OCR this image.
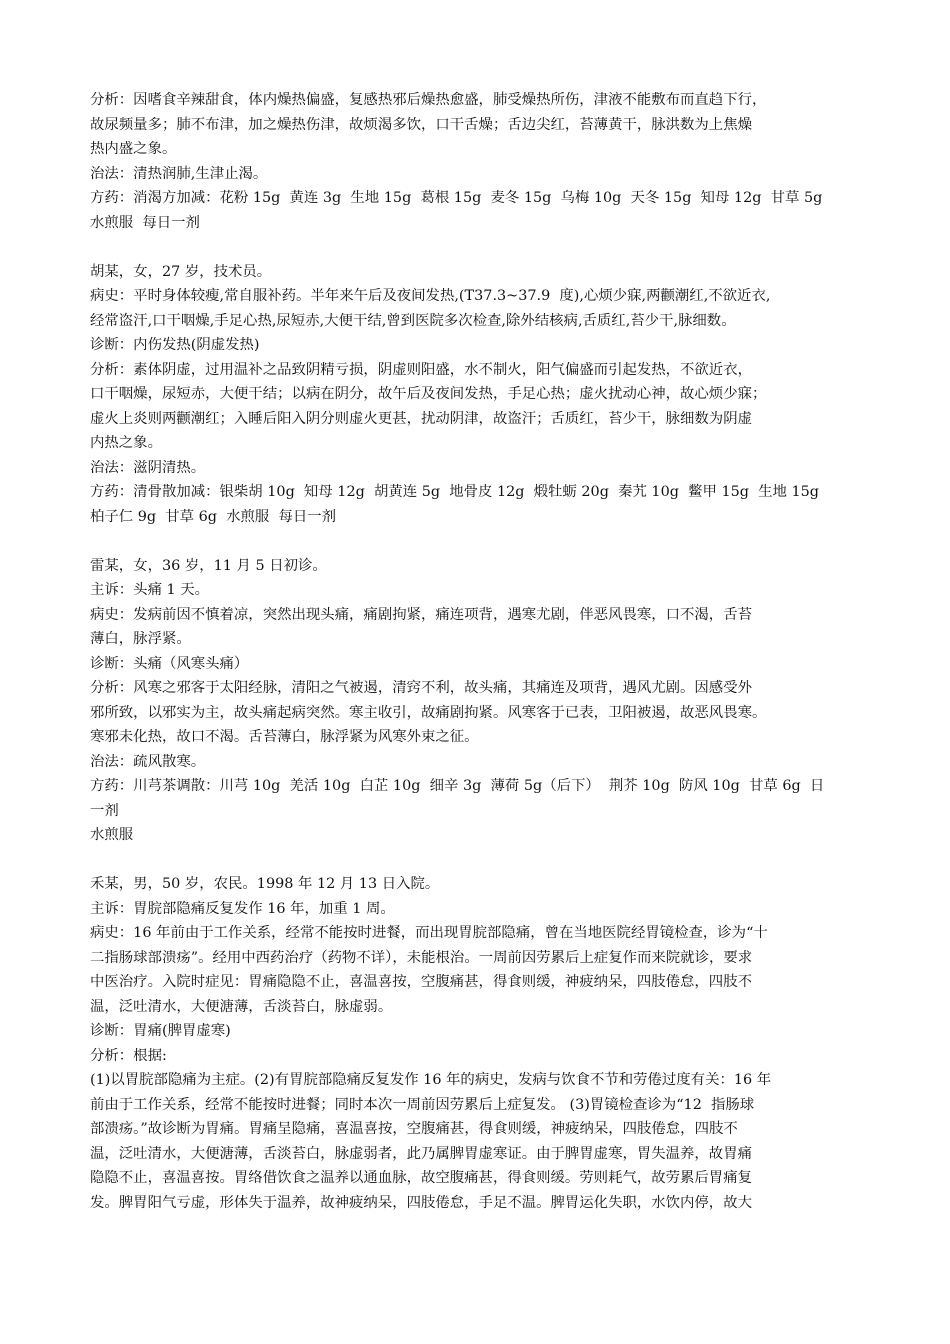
分析：因嗜食辛辣甜食，体内燥热偏盛，复感热邪后燥热愈盛，肺受燥热所伤，津液不能敷布而直趋下行，
故尿频量多；肺不布津，加之燥热伤津，故烦渴多饮，口干舌燥；舌边尖红，苔薄黄干，脉洪数为上焦燥
热内盛之象。
治法：清热润肺,生津止渴。
方药：消渴方加减：花粉 15g  黄连 3g  生地 15g  葛根 15g  麦冬 15g  乌梅 10g  天冬 15g  知母 12g  甘草 5g
水煎服  每日一剂
胡某，女，27 岁，技术员。
病史：平时身体较瘦,常自服补药。半年来午后及夜间发热,(T37.3~37.9  度),心烦少寐,两颧潮红,不欲近衣,
经常盗汗,口干咽燥,手足心热,尿短赤,大便干结,曾到医院多次检查,除外结核病,舌质红,苔少干,脉细数。
诊断：内伤发热(阴虚发热)
分析：素体阴虚，过用温补之品致阴精亏损，阴虚则阳盛，水不制火，阳气偏盛而引起发热，不欲近衣，
口干咽燥，尿短赤，大便干结；以病在阴分，故午后及夜间发热，手足心热；虚火扰动心神，故心烦少寐；
虚火上炎则两颧潮红；入睡后阳入阴分则虚火更甚，扰动阴津，故盗汗；舌质红，苔少干，脉细数为阴虚
内热之象。
治法：滋阴清热。
方药：清骨散加减：银柴胡 10g  知母 12g  胡黄连 5g  地骨皮 12g  煅牡蛎 20g  秦艽 10g  鳖甲 15g  生地 15g
柏子仁 9g  甘草 6g  水煎服  每日一剂
雷某，女，36 岁，11 月 5 日初诊。
主诉：头痛 1 天。
病史：发病前因不慎着凉，突然出现头痛，痛剧拘紧，痛连项背，遇寒尤剧，伴恶风畏寒，口不渴，舌苔
薄白，脉浮紧。
诊断：头痛（风寒头痛）
分析：风寒之邪客于太阳经脉，清阳之气被遏，清窍不利，故头痛，其痛连及项背，遇风尤剧。因感受外
邪所致，以邪实为主，故头痛起病突然。寒主收引，故痛剧拘紧。风寒客于已表，卫阳被遏，故恶风畏寒。
寒邪未化热，故口不渴。舌苔薄白，脉浮紧为风寒外束之征。
治法：疏风散寒。
方药：川芎茶调散：川芎 10g  羌活 10g  白芷 10g  细辛 3g  薄荷 5g（后下）  荆芥 10g  防风 10g  甘草 6g  日
一剂
水煎服
禾某，男，50 岁，农民。1998 年 12 月 13 日入院。
主诉：胃脘部隐痛反复发作 16 年，加重 1 周。
病史：16 年前由于工作关系，经常不能按时进餐，而出现胃脘部隐痛，曾在当地医院经胃镜检查，诊为“十
二指肠球部溃疡”。经用中西药治疗（药物不详），未能根治。一周前因劳累后上症复作而来院就诊，要求
中医治疗。入院时症见：胃痛隐隐不止，喜温喜按，空腹痛甚，得食则缓，神疲纳呆，四肢倦怠，四肢不
温，泛吐清水，大便溏薄，舌淡苔白，脉虚弱。
诊断：胃痛(脾胃虚寒)
分析：根据:
(1)以胃脘部隐痛为主症。(2)有胃脘部隐痛反复发作 16 年的病史，发病与饮食不节和劳倦过度有关：16 年
前由于工作关系，经常不能按时进餐；同时本次一周前因劳累后上症复发。 (3)胃镜检查诊为“12  指肠球
部溃疡。”故诊断为胃痛。胃痛呈隐痛，喜温喜按，空腹痛甚，得食则缓，神疲纳呆，四肢倦怠，四肢不
温，泛吐清水，大便溏薄，舌淡苔白，脉虚弱者，此乃属脾胃虚寒证。由于脾胃虚寒，胃失温养，故胃痛
隐隐不止，喜温喜按。胃络借饮食之温养以通血脉，故空腹痛甚，得食则缓。劳则耗气，故劳累后胃痛复
发。脾胃阳气亏虚，形体失于温养，故神疲纳呆，四肢倦怠，手足不温。脾胃运化失职，水饮内停，故大
